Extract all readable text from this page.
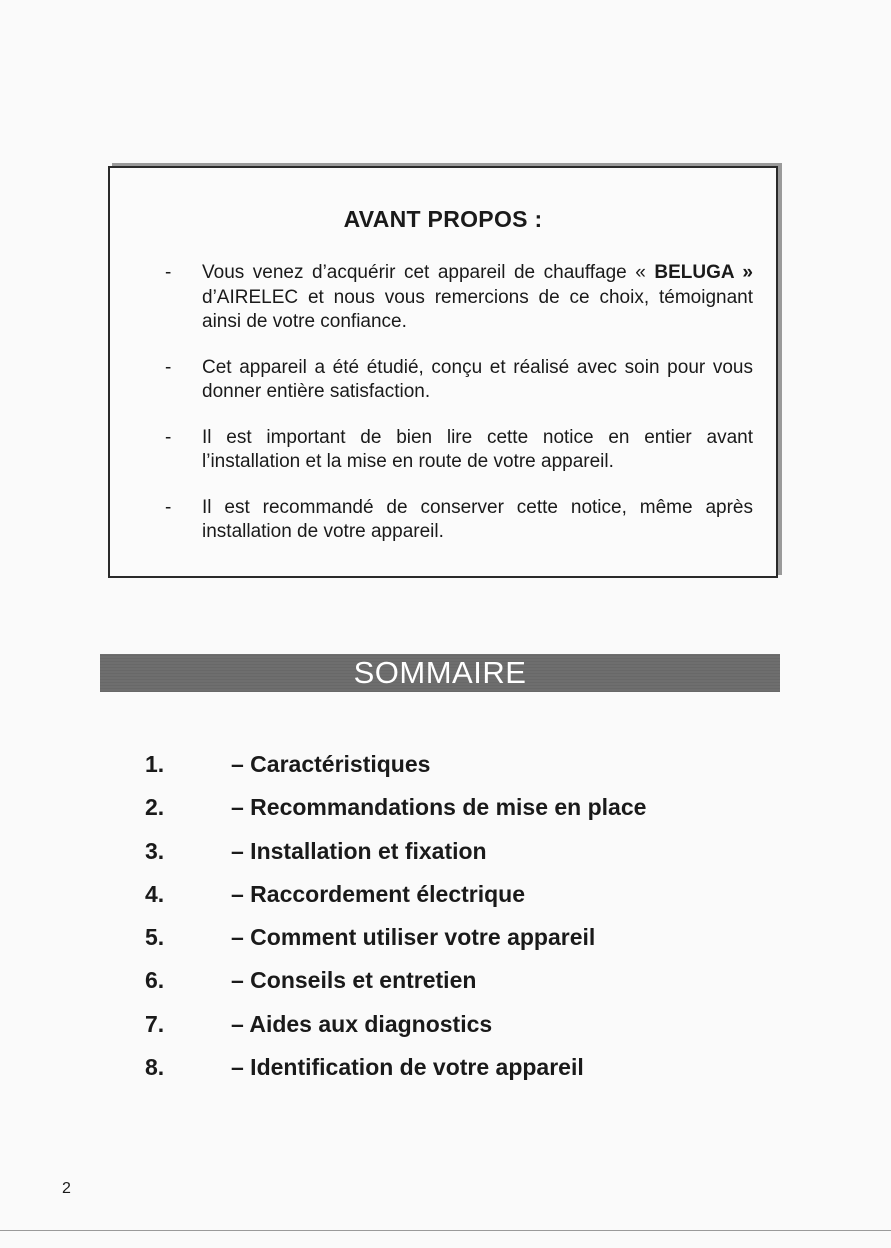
AVANT PROPOS :
- Vous venez d’acquérir cet appareil de chauffage « BELUGA » d’AIRELEC et nous vous remercions de ce choix, témoignant ainsi de votre confiance.
- Cet appareil a été étudié, conçu et réalisé avec soin pour vous donner entière satisfaction.
- Il est important de bien lire cette notice en entier avant l’installation et la mise en route de votre appareil.
- Il est recommandé de conserver cette notice, même après installation de votre appareil.
SOMMAIRE
1.	– Caractéristiques
2.	– Recommandations de mise en place
3.	– Installation et fixation
4.	– Raccordement électrique
5.	– Comment utiliser votre appareil
6.	– Conseils et entretien
7.	– Aides aux diagnostics
8.	– Identification de votre appareil
2
